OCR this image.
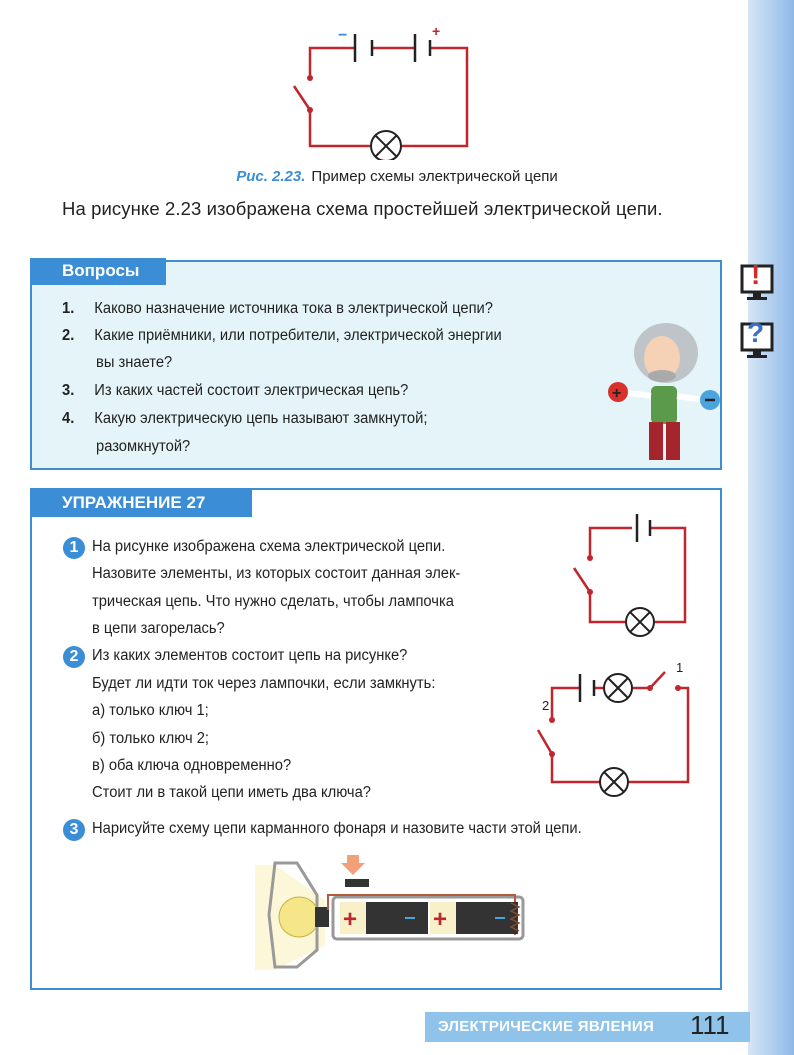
−	+
Рис. 2.23. Пример схемы электрической цепи
На рисунке 2.23 изображена схема простейшей электрической цепи.
Вопросы
1. Каково назначение источника тока в электрической цепи?
2. Какие приёмники, или потребители, электрической энергии
вы знаете?
3. Из каких частей состоит электрическая цепь?
4. Какую электрическую цепь называют замкнутой;
разомкнутой?
+
!
?
УПРАЖНЕНИЕ 27
1 На рисунке изображена схема электрической цепи.
Назовите элементы, из которых состоит данная элек-
трическая цепь. Что нужно сделать, чтобы лампочка
в цепи загорелась?
2 Из каких элементов состоит цепь на рисунке?
Будет ли идти ток через лампочки, если замкнуть:
а) только ключ 1;
б) только ключ 2;
в) оба ключа одновременно?
Стоит ли в такой цепи иметь два ключа?
3 Нарисуйте схему цепи карманного фонаря и назовите части этой цепи.
1
2
+	+
ЭЛЕКТРИЧЕСКИЕ ЯВЛЕНИЯ 111
